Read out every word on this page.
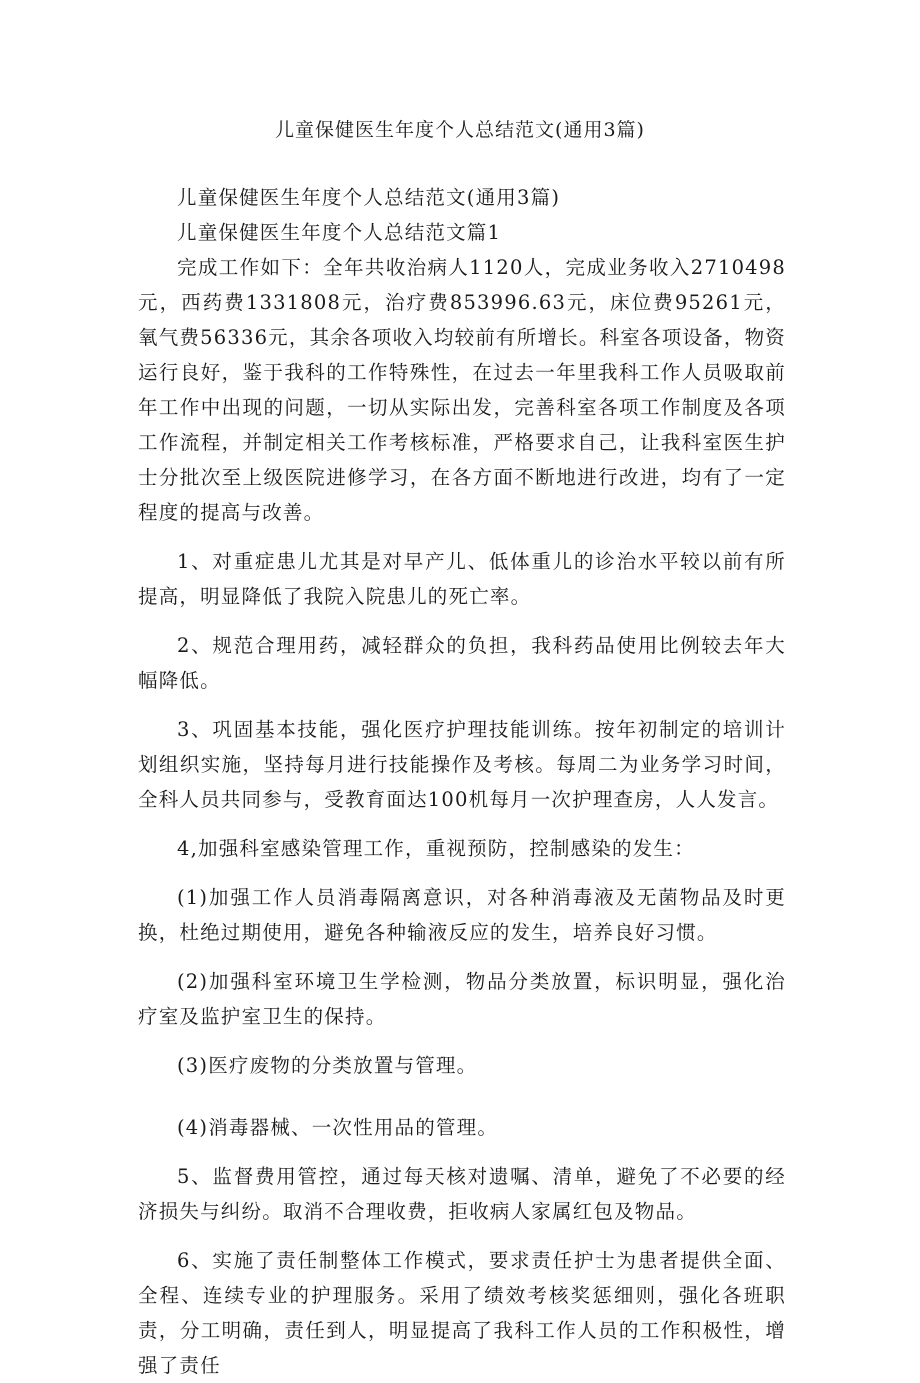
儿童保健医生年度个人总结范文(通用3篇)

儿童保健医生年度个人总结范文(通用3篇)

儿童保健医生年度个人总结范文篇1

完成工作如下：全年共收治病人1120人，完成业务收入2710498元，西药费1331808元，治疗费853996.63元，床位费95261元，氧气费56336元，其余各项收入均较前有所增长。科室各项设备，物资运行良好，鉴于我科的工作特殊性，在过去一年里我科工作人员吸取前年工作中出现的问题，一切从实际出发，完善科室各项工作制度及各项工作流程，并制定相关工作考核标准，严格要求自己，让我科室医生护士分批次至上级医院进修学习，在各方面不断地进行改进，均有了一定程度的提高与改善。

1、对重症患儿尤其是对早产儿、低体重儿的诊治水平较以前有所提高，明显降低了我院入院患儿的死亡率。

2、规范合理用药，减轻群众的负担，我科药品使用比例较去年大幅降低。

3、巩固基本技能，强化医疗护理技能训练。按年初制定的培训计划组织实施，坚持每月进行技能操作及考核。每周二为业务学习时间，全科人员共同参与，受教育面达100机每月一次护理查房，人人发言。

4,加强科室感染管理工作，重视预防，控制感染的发生：

(1)加强工作人员消毒隔离意识，对各种消毒液及无菌物品及时更换，杜绝过期使用，避免各种输液反应的发生，培养良好习惯。

(2)加强科室环境卫生学检测，物品分类放置，标识明显，强化治疗室及监护室卫生的保持。

(3)医疗废物的分类放置与管理。

(4)消毒器械、一次性用品的管理。

5、监督费用管控，通过每天核对遗嘱、清单，避免了不必要的经济损失与纠纷。取消不合理收费，拒收病人家属红包及物品。

6、实施了责任制整体工作模式，要求责任护士为患者提供全面、全程、连续专业的护理服务。采用了绩效考核奖惩细则，强化各班职责，分工明确，责任到人，明显提高了我科工作人员的工作积极性，增强了责任
